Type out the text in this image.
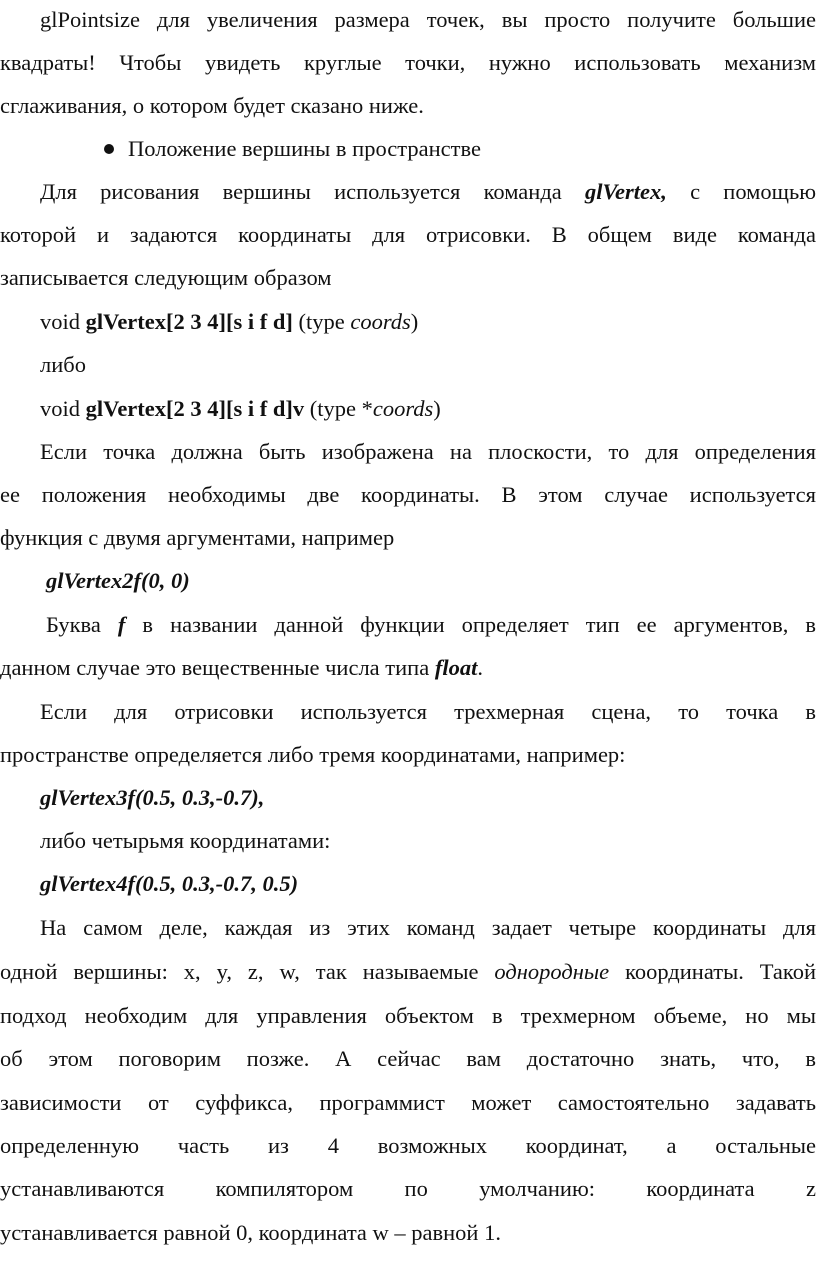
glPointsize для увеличения размера точек, вы просто получите большие
квадраты! Чтобы увидеть круглые точки, нужно использовать механизм
сглаживания, о котором будет сказано ниже.
Положение вершины в пространстве
Для рисования вершины используется команда glVertex, с помощью
которой и задаются координаты для отрисовки. В общем виде команда
записывается следующим образом
void glVertex[2 3 4][s i f d] (type coords)
либо
void glVertex[2 3 4][s i f d]v (type *coords)
Если точка должна быть изображена на плоскости, то для определения
ее положения необходимы две координаты. В этом случае используется
функция с двумя аргументами, например
glVertex2f(0, 0)
Буква f в названии данной функции определяет тип ее аргументов, в
данном случае это вещественные числа типа float.
Если для отрисовки используется трехмерная сцена, то точка в
пространстве определяется либо тремя координатами, например:
glVertex3f(0.5, 0.3,-0.7),
либо четырьмя координатами:
glVertex4f(0.5, 0.3,-0.7, 0.5)
На самом деле, каждая из этих команд задает четыре координаты для
одной вершины: x, y, z, w, так называемые однородные координаты. Такой
подход необходим для управления объектом в трехмерном объеме, но мы
об этом поговорим позже. А сейчас вам достаточно знать, что, в
зависимости от суффикса, программист может самостоятельно задавать
определенную часть из 4 возможных координат, а остальные
устанавливаются компилятором по умолчанию: координата z
устанавливается равной 0, координата w – равной 1.
